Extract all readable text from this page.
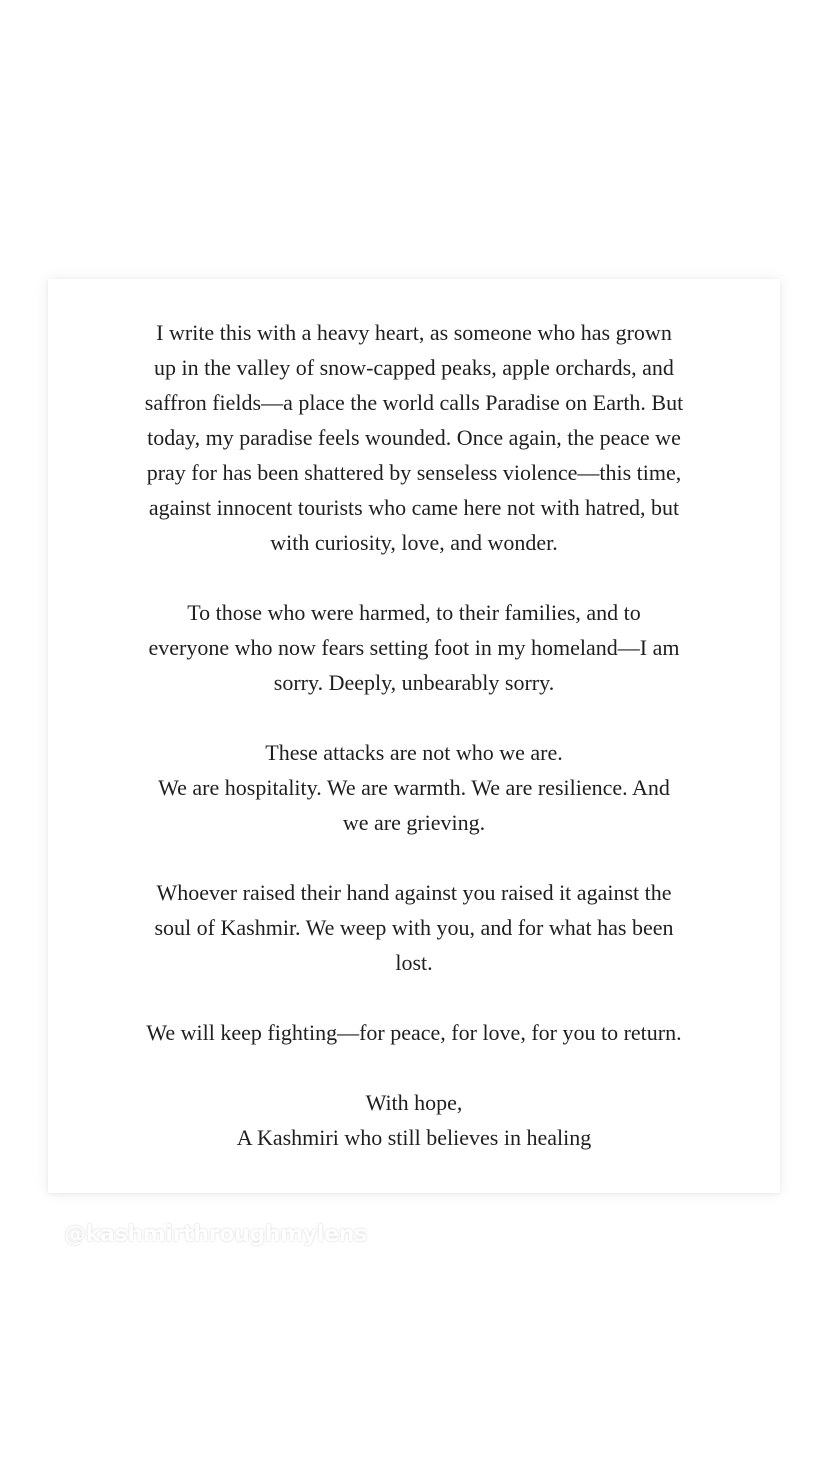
I write this with a heavy heart, as someone who has grown
up in the valley of snow-capped peaks, apple orchards, and
saffron fields—a place the world calls Paradise on Earth. But
today, my paradise feels wounded. Once again, the peace we
pray for has been shattered by senseless violence—this time,
against innocent tourists who came here not with hatred, but
with curiosity, love, and wonder.

To those who were harmed, to their families, and to
everyone who now fears setting foot in my homeland—I am
sorry. Deeply, unbearably sorry.

These attacks are not who we are.
We are hospitality. We are warmth. We are resilience. And
we are grieving.

Whoever raised their hand against you raised it against the
soul of Kashmir. We weep with you, and for what has been
lost.

We will keep fighting—for peace, for love, for you to return.

With hope,
A Kashmiri who still believes in healing

@kashmirthroughmylens
